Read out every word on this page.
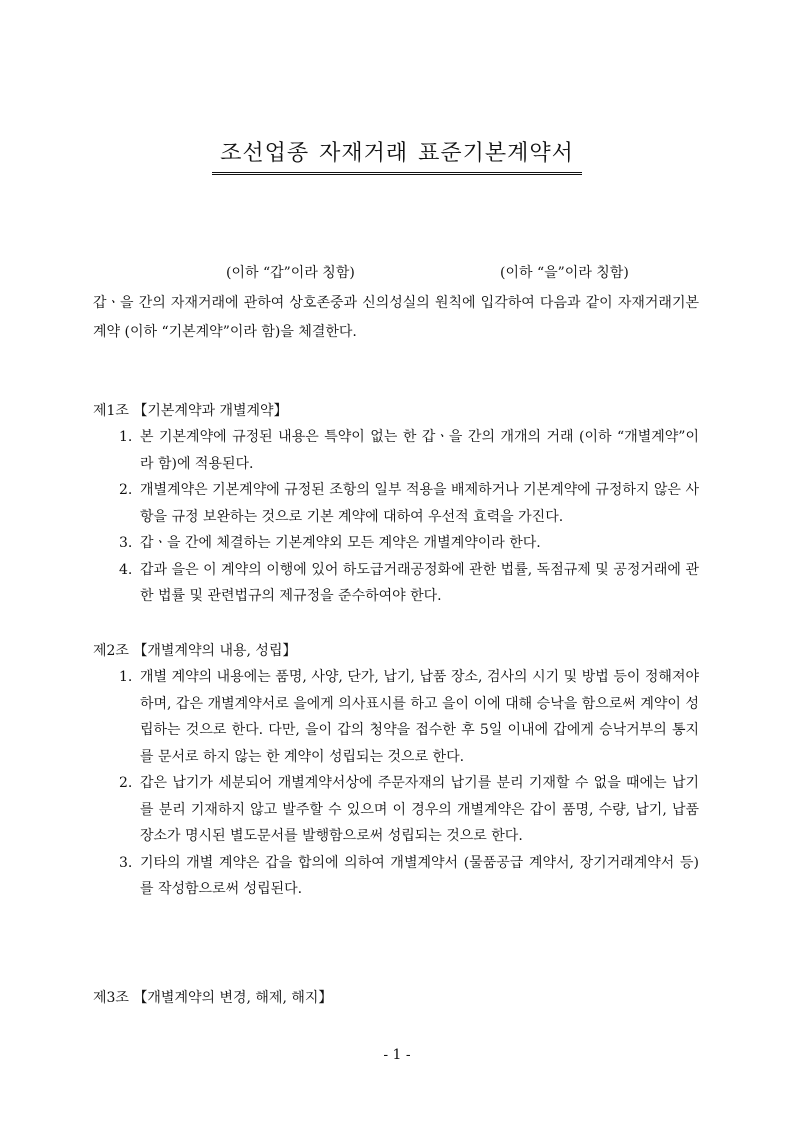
조선업종 자재거래 표준기본계약서
(이하 “갑”이라 칭함)	(이하 “을”이라 칭함)
갑ㆍ을 간의 자재거래에 관하여 상호존중과 신의성실의 원칙에 입각하여 다음과 같이 자재거래기본계약 (이하 “기본계약”이라 함)을 체결한다.
제1조 【기본계약과 개별계약】
1. 본 기본계약에 규정된 내용은 특약이 없는 한 갑ㆍ을 간의 개개의 거래 (이하 “개별계약”이라 함)에 적용된다.
2. 개별계약은 기본계약에 규정된 조항의 일부 적용을 배제하거나 기본계약에 규정하지 않은 사항을 규정 보완하는 것으로 기본 계약에 대하여 우선적 효력을 가진다.
3. 갑ㆍ을 간에 체결하는 기본계약외 모든 계약은 개별계약이라 한다.
4. 갑과 을은 이 계약의 이행에 있어 하도급거래공정화에 관한 법률, 독점규제 및 공정거래에 관한 법률 및 관련법규의 제규정을 준수하여야 한다.
제2조 【개별계약의 내용, 성립】
1. 개별 계약의 내용에는 품명, 사양, 단가, 납기, 납품 장소, 검사의 시기 및 방법 등이 정해져야 하며, 갑은 개별계약서로 을에게 의사표시를 하고 을이 이에 대해 승낙을 함으로써 계약이 성립하는 것으로 한다. 다만, 을이 갑의 청약을 접수한 후 5일 이내에 갑에게 승낙거부의 통지를 문서로 하지 않는 한 계약이 성립되는 것으로 한다.
2. 갑은 납기가 세분되어 개별계약서상에 주문자재의 납기를 분리 기재할 수 없을 때에는 납기를 분리 기재하지 않고 발주할 수 있으며 이 경우의 개별계약은 갑이 품명, 수량, 납기, 납품장소가 명시된 별도문서를 발행함으로써 성립되는 것으로 한다.
3. 기타의 개별 계약은 갑을 합의에 의하여 개별계약서 (물품공급 계약서, 장기거래계약서 등)를 작성함으로써 성립된다.
제3조 【개별계약의 변경, 해제, 해지】
- 1 -
